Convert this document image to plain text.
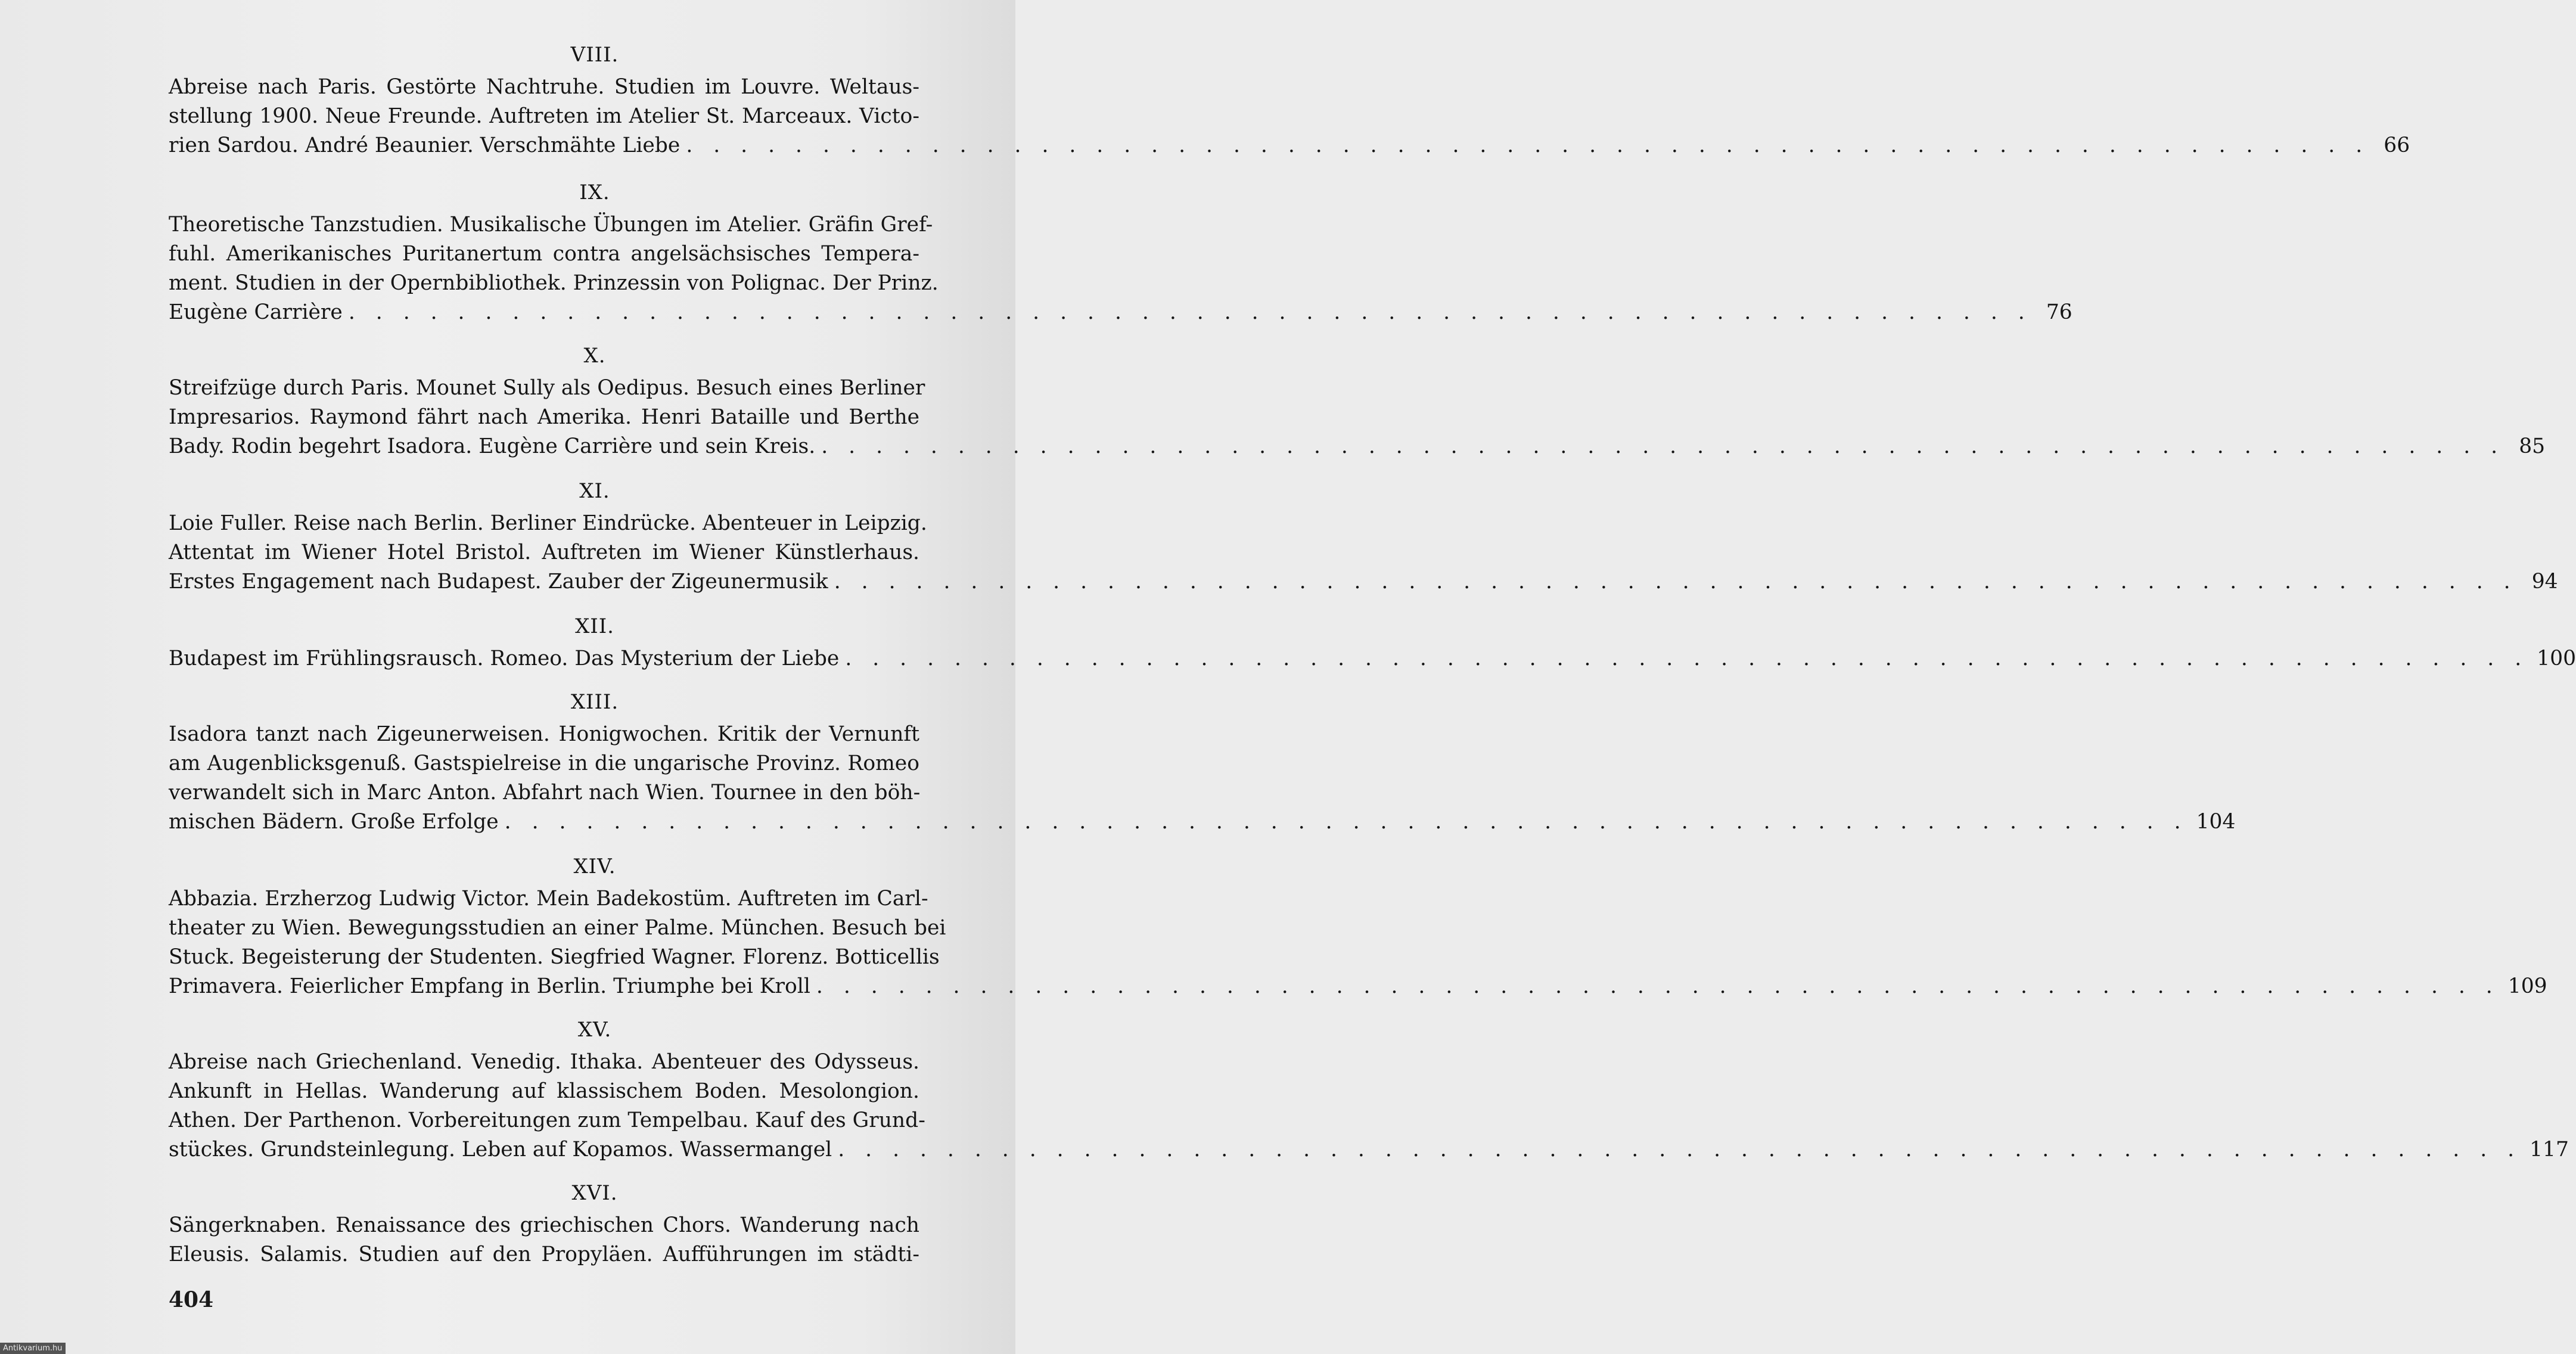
VIII.
Abreise nach Paris. Gestörte Nachtruhe. Studien im Louvre. Weltaus-
stellung 1900. Neue Freunde. Auftreten im Atelier St. Marceaux. Victo-
rien Sardou. André Beaunier. Verschmähte Liebe . . . . . . . . . . . . . . . . . . . . . . . . . . . . . . . . . . . . . . . . . . . . . . . . . . . . . . . . . . . . . . 66
IX.
Theoretische Tanzstudien. Musikalische Übungen im Atelier. Gräfin Gref-
fuhl. Amerikanisches Puritanertum contra angelsächsisches Tempera-
ment. Studien in der Opernbibliothek. Prinzessin von Polignac. Der Prinz.
Eugène Carrière . . . . . . . . . . . . . . . . . . . . . . . . . . . . . . . . . . . . . . . . . . . . . . . . . . . . . . . . . . . . . . 76
X.
Streifzüge durch Paris. Mounet Sully als Oedipus. Besuch eines Berliner
Impresarios. Raymond fährt nach Amerika. Henri Bataille und Berthe
Bady. Rodin begehrt Isadora. Eugène Carrière und sein Kreis. . . . . . . . . . . . . . . . . . . . . . . . . . . . . . . . . . . . . . . . . . . . . . . . . . . . . . . . . . . . . . . 85
XI.
Loie Fuller. Reise nach Berlin. Berliner Eindrücke. Abenteuer in Leipzig.
Attentat im Wiener Hotel Bristol. Auftreten im Wiener Künstlerhaus.
Erstes Engagement nach Budapest. Zauber der Zigeunermusik . . . . . . . . . . . . . . . . . . . . . . . . . . . . . . . . . . . . . . . . . . . . . . . . . . . . . . . . . . . . . . 94
XII.
Budapest im Frühlingsrausch. Romeo. Das Mysterium der Liebe . . . . . . . . . . . . . . . . . . . . . . . . . . . . . . . . . . . . . . . . . . . . . . . . . . . . . . . . . . . . . . 100
XIII.
Isadora tanzt nach Zigeunerweisen. Honigwochen. Kritik der Vernunft
am Augenblicksgenuß. Gastspielreise in die ungarische Provinz. Romeo
verwandelt sich in Marc Anton. Abfahrt nach Wien. Tournee in den böh-
mischen Bädern. Große Erfolge . . . . . . . . . . . . . . . . . . . . . . . . . . . . . . . . . . . . . . . . . . . . . . . . . . . . . . . . . . . . . . 104
XIV.
Abbazia. Erzherzog Ludwig Victor. Mein Badekostüm. Auftreten im Carl-
theater zu Wien. Bewegungsstudien an einer Palme. München. Besuch bei
Stuck. Begeisterung der Studenten. Siegfried Wagner. Florenz. Botticellis
Primavera. Feierlicher Empfang in Berlin. Triumphe bei Kroll . . . . . . . . . . . . . . . . . . . . . . . . . . . . . . . . . . . . . . . . . . . . . . . . . . . . . . . . . . . . . . 109
XV.
Abreise nach Griechenland. Venedig. Ithaka. Abenteuer des Odysseus.
Ankunft in Hellas. Wanderung auf klassischem Boden. Mesolongion.
Athen. Der Parthenon. Vorbereitungen zum Tempelbau. Kauf des Grund-
stückes. Grundsteinlegung. Leben auf Kopamos. Wassermangel . . . . . . . . . . . . . . . . . . . . . . . . . . . . . . . . . . . . . . . . . . . . . . . . . . . . . . . . . . . . . . 117
XVI.
Sängerknaben. Renaissance des griechischen Chors. Wanderung nach
Eleusis. Salamis. Studien auf den Propyläen. Aufführungen im städti-
404
Antikvarium.hu
